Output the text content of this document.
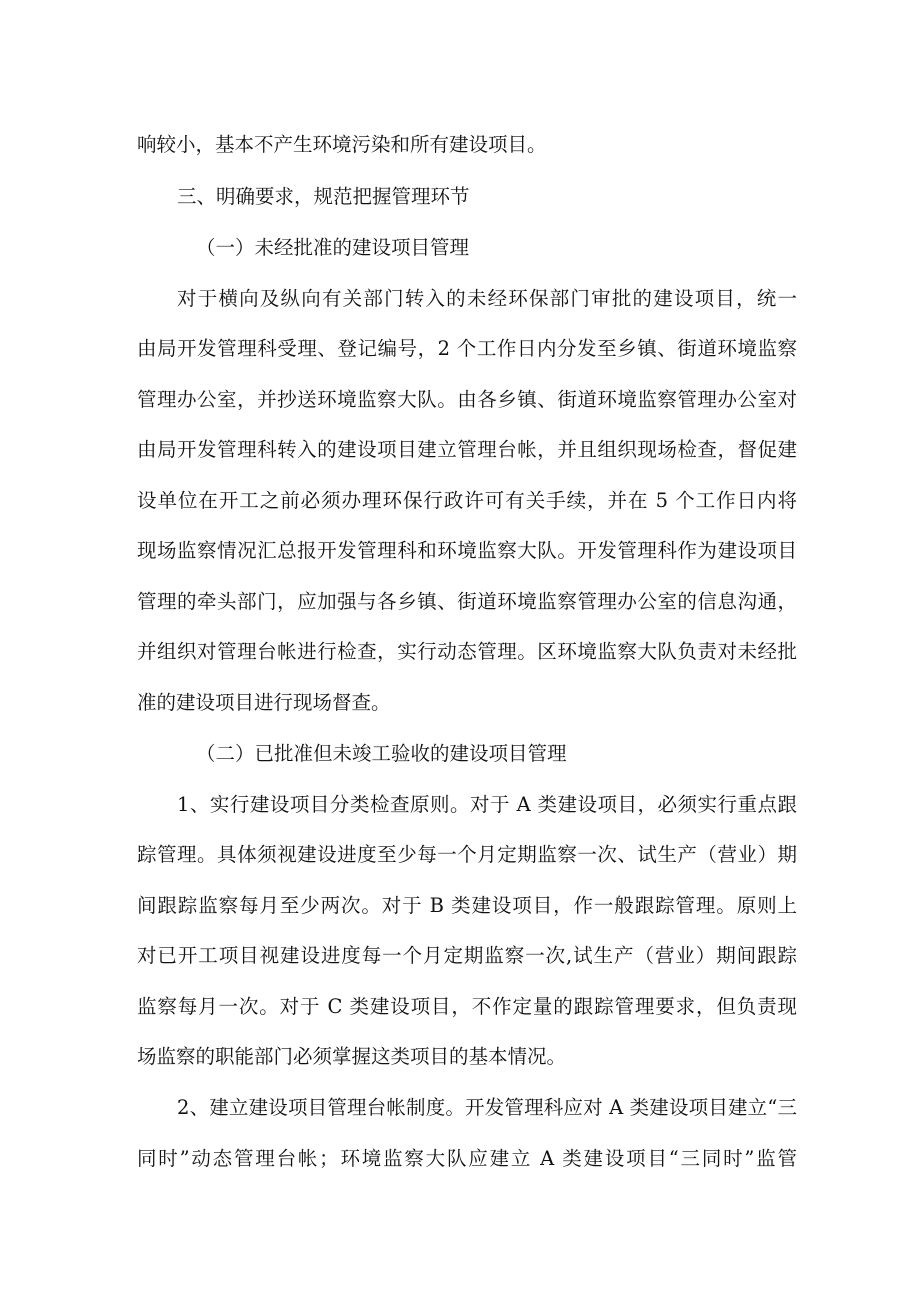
响较小，基本不产生环境污染和所有建设项目。
三、明确要求，规范把握管理环节
（一）未经批准的建设项目管理
对于横向及纵向有关部门转入的未经环保部门审批的建设项目，统一
由局开发管理科受理、登记编号，2 个工作日内分发至乡镇、街道环境监察
管理办公室，并抄送环境监察大队。由各乡镇、街道环境监察管理办公室对
由局开发管理科转入的建设项目建立管理台帐，并且组织现场检查，督促建
设单位在开工之前必须办理环保行政许可有关手续，并在 5 个工作日内将
现场监察情况汇总报开发管理科和环境监察大队。开发管理科作为建设项目
管理的牵头部门，应加强与各乡镇、街道环境监察管理办公室的信息沟通，
并组织对管理台帐进行检查，实行动态管理。区环境监察大队负责对未经批
准的建设项目进行现场督查。
（二）已批准但未竣工验收的建设项目管理
1、实行建设项目分类检查原则。对于 A 类建设项目，必须实行重点跟
踪管理。具体须视建设进度至少每一个月定期监察一次、试生产（营业）期
间跟踪监察每月至少两次。对于 B 类建设项目，作一般跟踪管理。原则上
对已开工项目视建设进度每一个月定期监察一次,试生产（营业）期间跟踪
监察每月一次。对于 C 类建设项目，不作定量的跟踪管理要求，但负责现
场监察的职能部门必须掌握这类项目的基本情况。
2、建立建设项目管理台帐制度。开发管理科应对 A 类建设项目建立“三
同时”动态管理台帐；环境监察大队应建立 A 类建设项目“三同时”监管
